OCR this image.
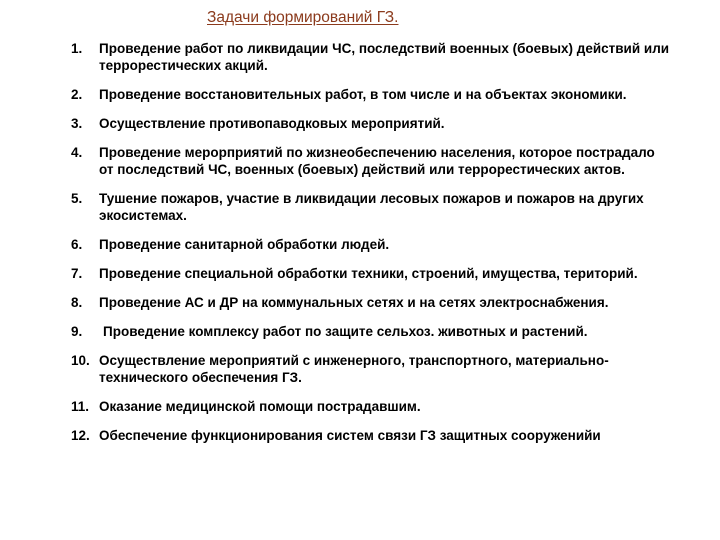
Задачи формирований ГЗ.
1.	Проведение работ по ликвидации ЧС, последствий военных (боевых) действий или террорестических акций.
2.	Проведение восстановительных работ, в том числе и на объектах экономики.
3.	Осуществление противопаводковых мероприятий.
4.	Проведение мерорприятий по жизнеобеспечению населения, которое пострадало от последствий ЧС, военных (боевых) действий или террорестических актов.
5.	Тушение пожаров, участие в ликвидации лесовых пожаров и пожаров на других экосистемах.
6.	Проведение санитарной обработки людей.
7.	Проведение специальной обработки техники, строений, имущества, територий.
8.	Проведение АС и ДР на коммунальных сетях и на сетях электроснабжения.
9.	Проведение комплексу работ по защите сельхоз. животных и растений.
10. Осуществление мероприятий с инженерного, транспортного, материально-технического обеспечения ГЗ.
11. Оказание медицинской помощи пострадавшим.
12. Обеспечение функционирования систем связи ГЗ защитных сооруженийи
